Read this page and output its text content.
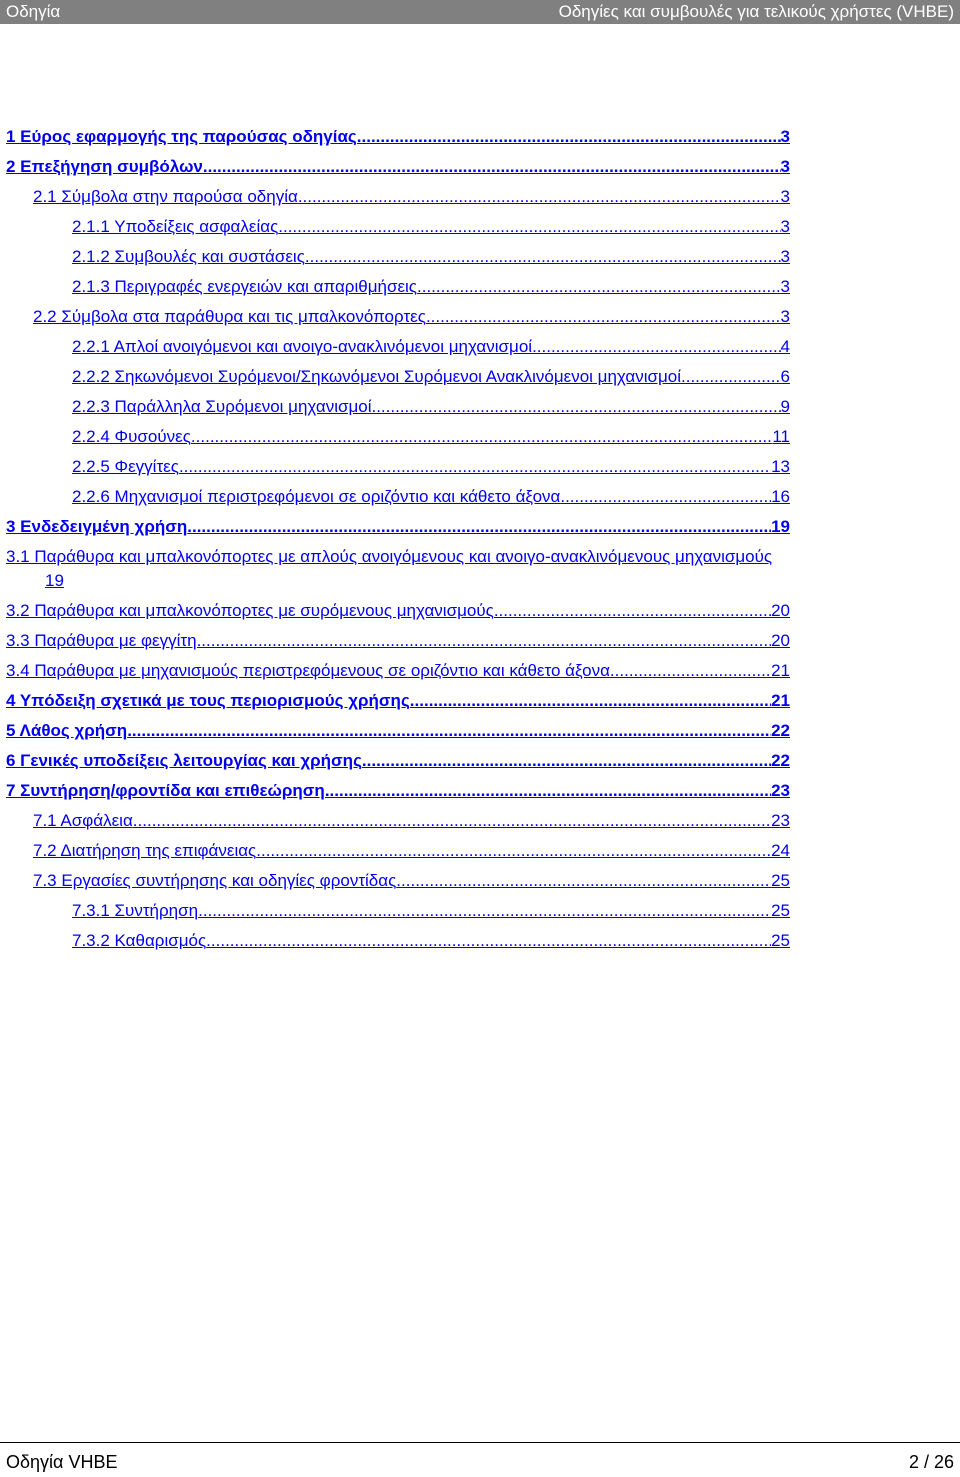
Οδηγία	Οδηγίες και συμβουλές για τελικούς χρήστες (VHBE)
1 Εύρος εφαρμογής της παρούσας οδηγίας .....	3
2 Επεξήγηση συμβόλων .....	3
2.1 Σύμβολα στην παρούσα οδηγία .....	3
2.1.1 Υποδείξεις ασφαλείας .....	3
2.1.2 Συμβουλές και συστάσεις .....	3
2.1.3 Περιγραφές ενεργειών και απαριθμήσεις .....	3
2.2 Σύμβολα στα παράθυρα και τις μπαλκονόπορτες .....	3
2.2.1 Απλοί ανοιγόμενοι και ανοιγο-ανακλινόμενοι μηχανισμοί .....	4
2.2.2 Σηκωνόμενοι Συρόμενοι/Σηκωνόμενοι Συρόμενοι Ανακλινόμενοι μηχανισμοί .....	6
2.2.3 Παράλληλα Συρόμενοι μηχανισμοί .....	9
2.2.4 Φυσούνες .....	11
2.2.5 Φεγγίτες .....	13
2.2.6 Μηχανισμοί περιστρεφόμενοι σε οριζόντιο και κάθετο άξονα .....	16
3 Ενδεδειγμένη χρήση .....	19
3.1 Παράθυρα και μπαλκονόπορτες με απλούς ανοιγόμενους και ανοιγο-ανακλινόμενους μηχανισμούς
19
3.2 Παράθυρα και μπαλκονόπορτες με συρόμενους μηχανισμούς .....	20
3.3 Παράθυρα με φεγγίτη .....	20
3.4 Παράθυρα με μηχανισμούς περιστρεφόμενους σε οριζόντιο και κάθετο άξονα .....	21
4 Υπόδειξη σχετικά με τους περιορισμούς χρήσης .....	21
5 Λάθος χρήση .....	22
6 Γενικές υποδείξεις λειτουργίας και χρήσης .....	22
7 Συντήρηση/φροντίδα και επιθεώρηση .....	23
7.1 Ασφάλεια .....	23
7.2 Διατήρηση της επιφάνειας .....	24
7.3 Εργασίες συντήρησης και οδηγίες φροντίδας .....	25
7.3.1 Συντήρηση .....	25
7.3.2 Καθαρισμός .....	25
Οδηγία VHBE	2 / 26
